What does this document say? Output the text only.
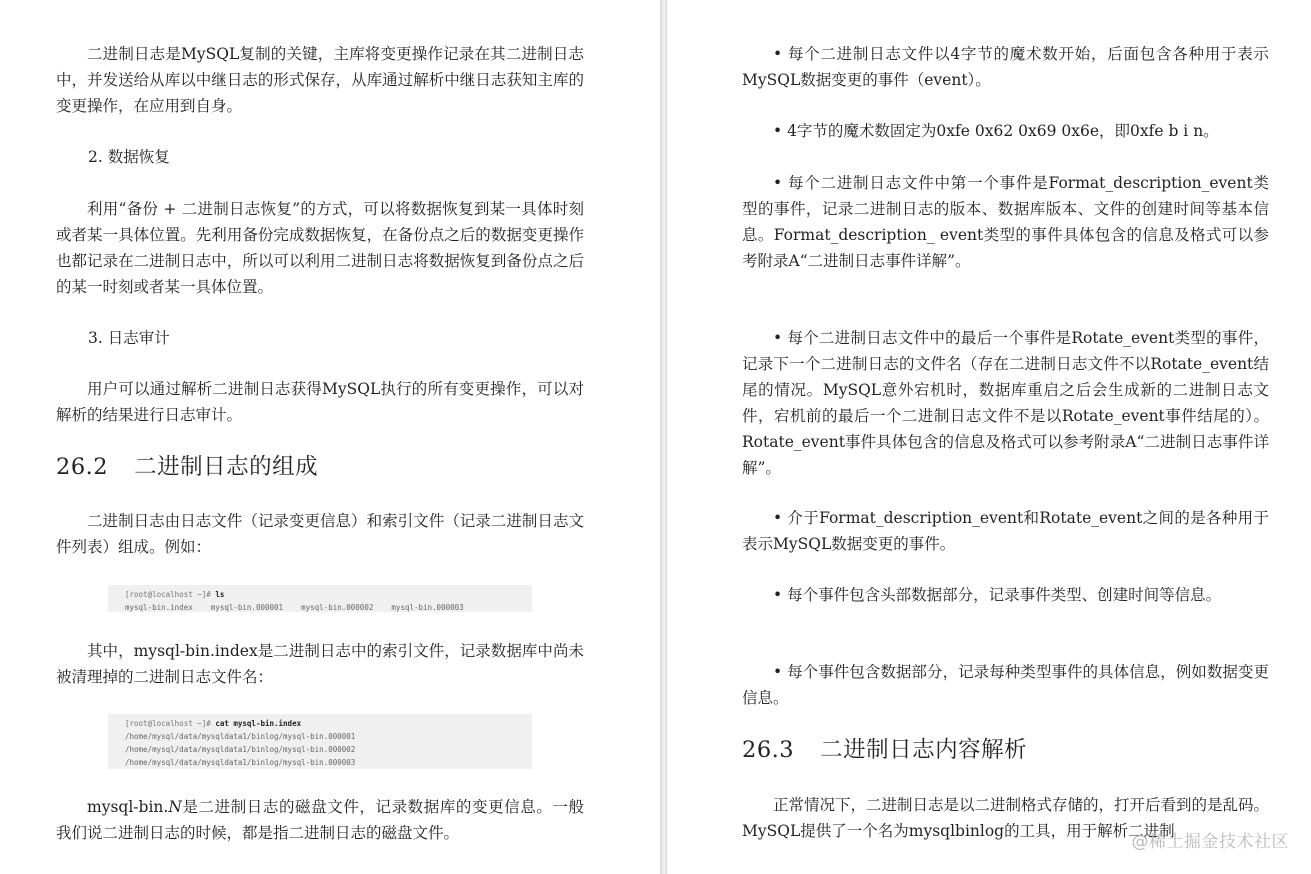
二进制日志是MySQL复制的关键，主库将变更操作记录在其二进制日志中，并发送给从库以中继日志的形式保存，从库通过解析中继日志获知主库的变更操作，在应用到自身。

2. 数据恢复

利用“备份 + 二进制日志恢复”的方式，可以将数据恢复到某一具体时刻或者某一具体位置。先利用备份完成数据恢复，在备份点之后的数据变更操作也都记录在二进制日志中，所以可以利用二进制日志将数据恢复到备份点之后的某一时刻或者某一具体位置。

3. 日志审计

用户可以通过解析二进制日志获得MySQL执行的所有变更操作，可以对解析的结果进行日志审计。

26.2 二进制日志的组成

二进制日志由日志文件（记录变更信息）和索引文件（记录二进制日志文件列表）组成。例如：

[root@localhost ~]# ls
mysql-bin.index    mysql-bin.000001    mysql-bin.000002    mysql-bin.000003

其中，mysql-bin.index是二进制日志中的索引文件，记录数据库中尚未被清理掉的二进制日志文件名：

[root@localhost ~]# cat mysql-bin.index
/home/mysql/data/mysqldata1/binlog/mysql-bin.000001
/home/mysql/data/mysqldata1/binlog/mysql-bin.000002
/home/mysql/data/mysqldata1/binlog/mysql-bin.000003

mysql-bin.N是二进制日志的磁盘文件，记录数据库的变更信息。一般我们说二进制日志的时候，都是指二进制日志的磁盘文件。

• 每个二进制日志文件以4字节的魔术数开始，后面包含各种用于表示MySQL数据变更的事件（event）。

• 4字节的魔术数固定为0xfe 0x62 0x69 0x6e，即0xfe b i n。

• 每个二进制日志文件中第一个事件是Format_description_event类型的事件，记录二进制日志的版本、数据库版本、文件的创建时间等基本信息。Format_description_ event类型的事件具体包含的信息及格式可以参考附录A“二进制日志事件详解”。

• 每个二进制日志文件中的最后一个事件是Rotate_event类型的事件，记录下一个二进制日志的文件名（存在二进制日志文件不以Rotate_event结尾的情况。MySQL意外宕机时，数据库重启之后会生成新的二进制日志文件，宕机前的最后一个二进制日志文件不是以Rotate_event事件结尾的）。Rotate_event事件具体包含的信息及格式可以参考附录A“二进制日志事件详解”。

• 介于Format_description_event和Rotate_event之间的是各种用于表示MySQL数据变更的事件。

• 每个事件包含头部数据部分，记录事件类型、创建时间等信息。

• 每个事件包含数据部分，记录每种类型事件的具体信息，例如数据变更信息。

26.3 二进制日志内容解析

正常情况下，二进制日志是以二进制格式存储的，打开后看到的是乱码。MySQL提供了一个名为mysqlbinlog的工具，用于解析二进制

@稀土掘金技术社区
